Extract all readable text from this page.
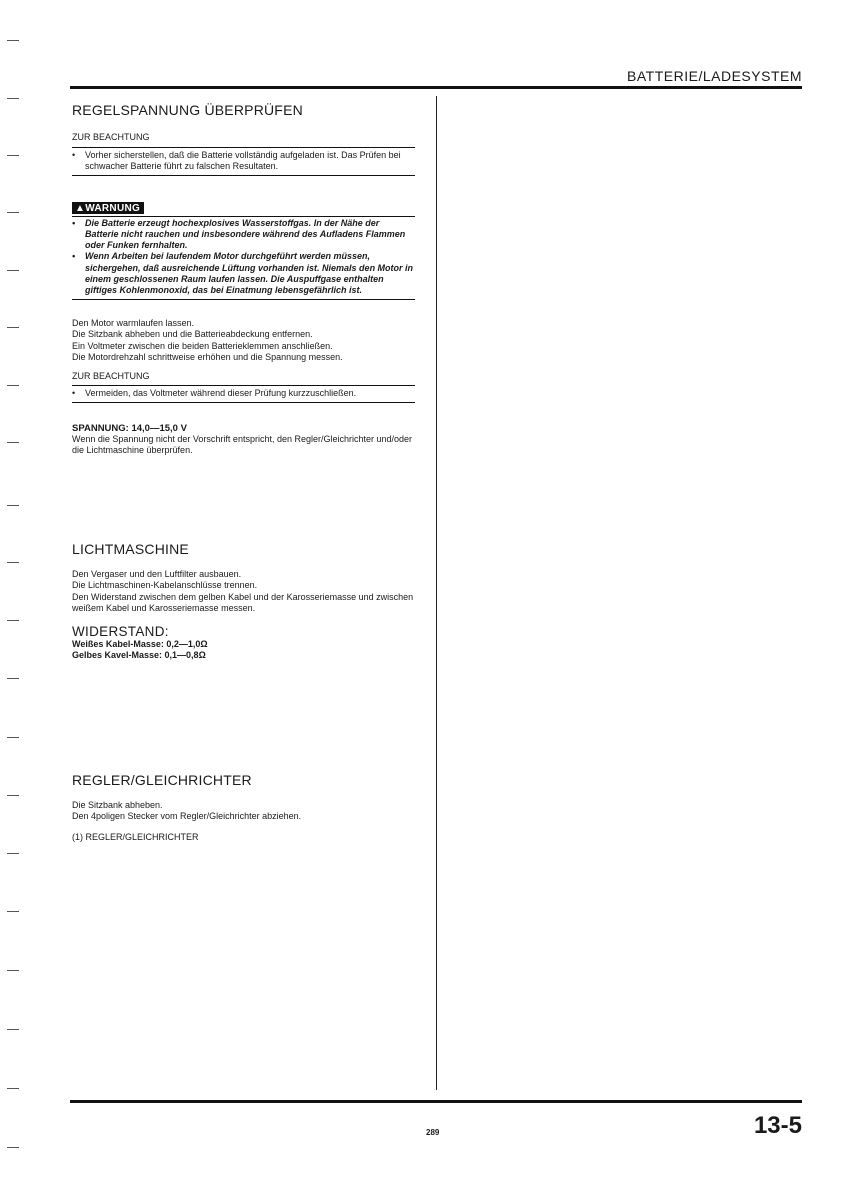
BATTERIE/LADESYSTEM
REGELSPANNUNG ÜBERPRÜFEN
ZUR BEACHTUNG
•	Vorher sicherstellen, daß die Batterie vollständig aufgeladen ist. Das Prüfen bei schwacher Batterie führt zu falschen Resultaten.
▲WARNUNG
•	Die Batterie erzeugt hochexplosives Wasserstoffgas. In der Nähe der Batterie nicht rauchen und insbesondere während des Aufladens Flammen oder Funken fernhalten.
•	Wenn Arbeiten bei laufendem Motor durchgeführt werden müssen, sichergehen, daß ausreichende Lüftung vorhanden ist. Niemals den Motor in einem geschlossenen Raum laufen lassen. Die Auspuffgase enthalten giftiges Kohlenmonoxid, das bei Einatmung lebensgefährlich ist.
Den Motor warmlaufen lassen.
Die Sitzbank abheben und die Batterieabdeckung entfernen.
Ein Voltmeter zwischen die beiden Batterieklemmen anschließen.
Die Motordrehzahl schrittweise erhöhen und die Spannung messen.
ZUR BEACHTUNG
•	Vermeiden, das Voltmeter während dieser Prüfung kurzzuschließen.
SPANNUNG: 14,0—15,0 V
Wenn die Spannung nicht der Vorschrift entspricht, den Regler/Gleichrichter und/oder die Lichtmaschine überprüfen.
LICHTMASCHINE
Den Vergaser und den Luftfilter ausbauen.
Die Lichtmaschinen-Kabelanschlüsse trennen.
Den Widerstand zwischen dem gelben Kabel und der Karosseriemasse und zwischen weißem Kabel und Karosseriemasse messen.
WIDERSTAND:
Weißes Kabel-Masse: 0,2—1,0Ω
Gelbes Kavel-Masse: 0,1—0,8Ω
REGLER/GLEICHRICHTER
Die Sitzbank abheben.
Den 4poligen Stecker vom Regler/Gleichrichter abziehen.
(1) REGLER/GLEICHRICHTER
289	13-5
